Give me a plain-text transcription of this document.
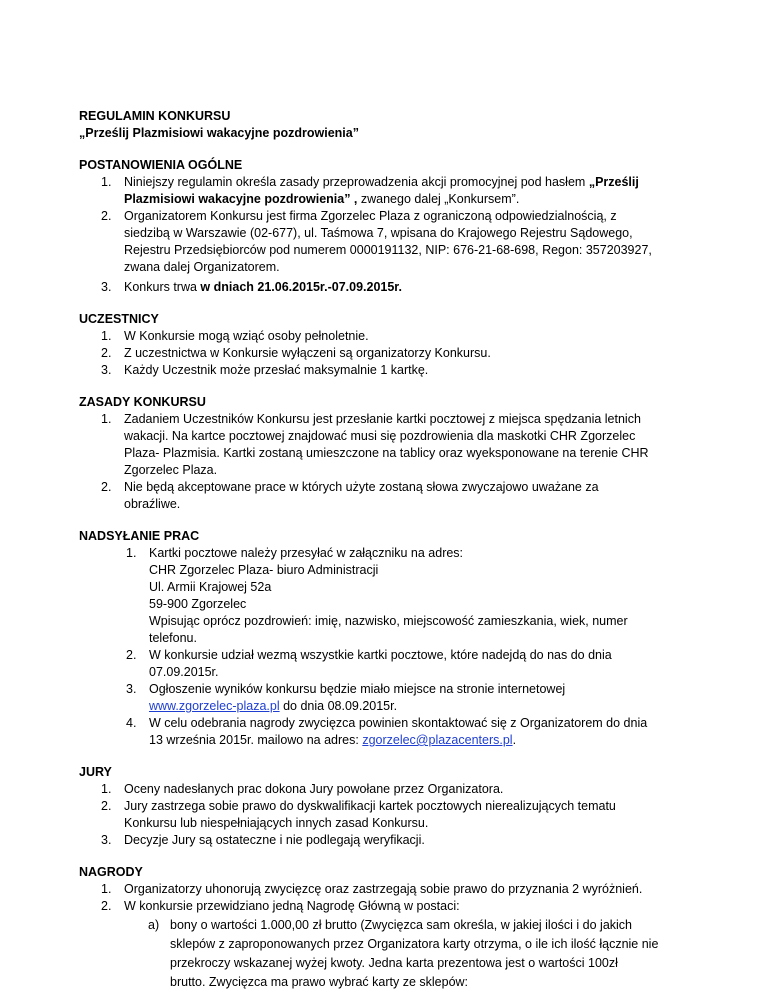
REGULAMIN KONKURSU
„Prześlij Plazmisiowi wakacyjne pozdrowienia”
POSTANOWIENIA OGÓLNE
1. Niniejszy regulamin określa zasady przeprowadzenia akcji promocyjnej pod hasłem „Prześlij
Plazmisiowi wakacyjne pozdrowienia” , zwanego dalej „Konkursem”.
2. Organizatorem Konkursu jest firma Zgorzelec Plaza z ograniczoną odpowiedzialnością, z
siedzibą w Warszawie (02-677), ul. Taśmowa 7, wpisana do Krajowego Rejestru Sądowego,
Rejestru Przedsiębiorców pod numerem 0000191132, NIP: 676-21-68-698, Regon: 357203927,
zwana dalej Organizatorem.
3. Konkurs trwa w dniach 21.06.2015r.-07.09.2015r.
UCZESTNICY
1. W Konkursie mogą wziąć osoby pełnoletnie.
2. Z uczestnictwa w Konkursie wyłączeni są organizatorzy Konkursu.
3. Każdy Uczestnik może przesłać maksymalnie 1 kartkę.
ZASADY KONKURSU
1. Zadaniem Uczestników Konkursu jest przesłanie kartki pocztowej z miejsca spędzania letnich
wakacji. Na kartce pocztowej znajdować musi się pozdrowienia dla maskotki CHR Zgorzelec
Plaza- Plazmisia. Kartki zostaną umieszczone na tablicy oraz wyeksponowane na terenie CHR
Zgorzelec Plaza.
2. Nie będą akceptowane prace w których użyte zostaną słowa zwyczajowo uważane za
obraźliwe.
NADSYŁANIE PRAC
1. Kartki pocztowe należy przesyłać w załączniku na adres:
CHR Zgorzelec Plaza- biuro Administracji
Ul. Armii Krajowej 52a
59-900 Zgorzelec
Wpisując oprócz pozdrowień: imię, nazwisko, miejscowość zamieszkania, wiek, numer
telefonu.
2. W konkursie udział wezmą wszystkie kartki pocztowe, które nadejdą do nas do dnia
07.09.2015r.
3. Ogłoszenie wyników konkursu będzie miało miejsce na stronie internetowej
www.zgorzelec-plaza.pl do dnia 08.09.2015r.
4. W celu odebrania nagrody zwycięzca powinien skontaktować się z Organizatorem do dnia
13 września 2015r. mailowo na adres: zgorzelec@plazacenters.pl.
JURY
1. Oceny nadesłanych prac dokona Jury powołane przez Organizatora.
2. Jury zastrzega sobie prawo do dyskwalifikacji kartek pocztowych nierealizujących tematu
Konkursu lub niespełniających innych zasad Konkursu.
3. Decyzje Jury są ostateczne i nie podlegają weryfikacji.
NAGRODY
1. Organizatorzy uhonorują zwycięzcę oraz zastrzegają sobie prawo do przyznania 2 wyróżnień.
2. W konkursie przewidziano jedną Nagrodę Główną w postaci:
a) bony o wartości 1.000,00 zł brutto (Zwycięzca sam określa, w jakiej ilości i do jakich
sklepów z zaproponowanych przez Organizatora karty otrzyma, o ile ich ilość łącznie nie
przekroczy wskazanej wyżej kwoty. Jedna karta prezentowa jest o wartości 100zł
brutto. Zwycięzca ma prawo wybrać karty ze sklepów:
